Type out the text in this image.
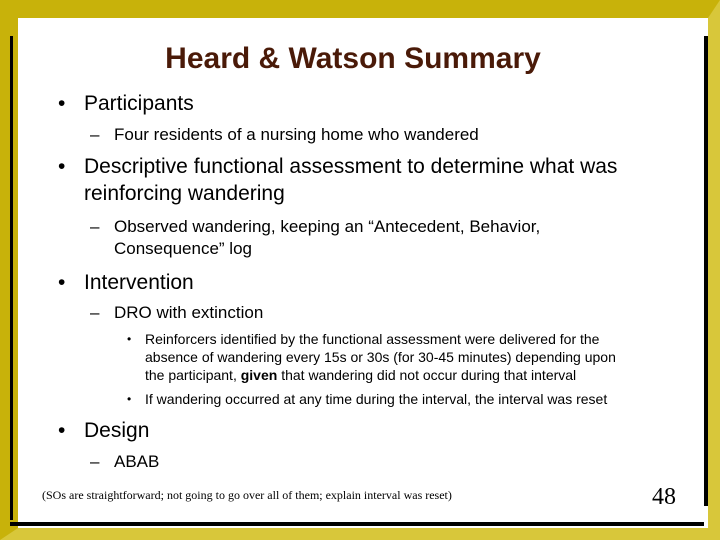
Heard & Watson Summary
• Participants
– Four residents of a nursing home who wandered
• Descriptive functional assessment to determine what was
reinforcing wandering
– Observed wandering, keeping an “Antecedent, Behavior,
Consequence” log
• Intervention
– DRO with extinction
• Reinforcers identified by the functional assessment were delivered for the
absence of wandering every 15s or 30s (for 30-45 minutes) depending upon
the participant, given that wandering did not occur during that interval
• If wandering occurred at any time during the interval, the interval was reset
• Design
– ABAB
(SOs are straightforward; not going to go over all of them; explain interval was reset)	48
